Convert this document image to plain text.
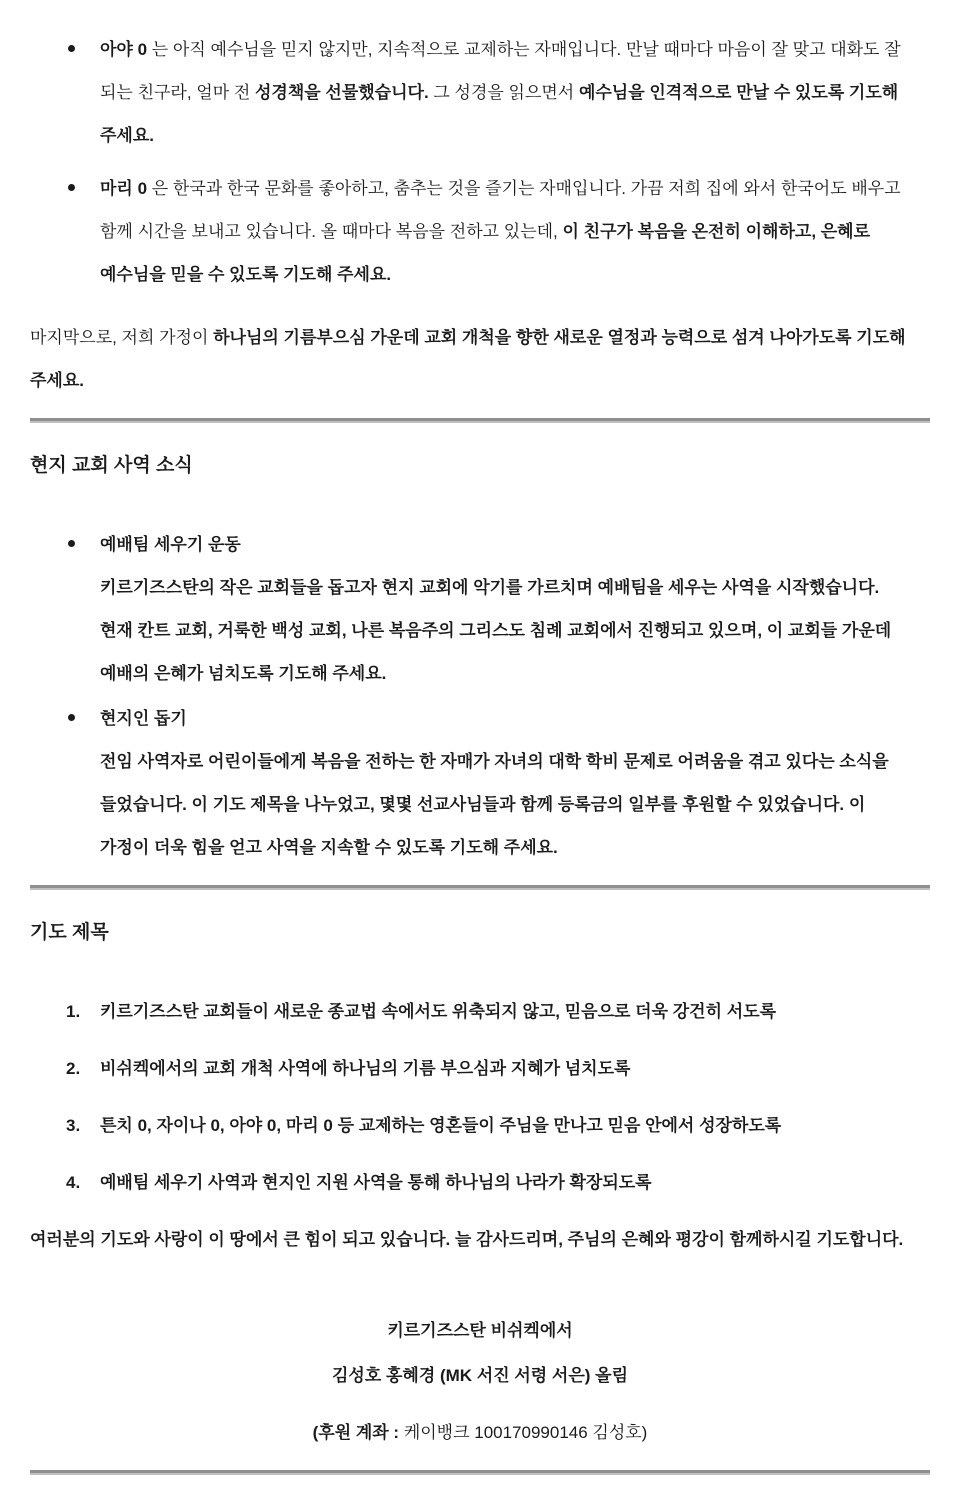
아야 0 는 아직 예수님을 믿지 않지만, 지속적으로 교제하는 자매입니다. 만날 때마다 마음이 잘 맞고 대화도 잘 되는 친구라, 얼마 전 성경책을 선물했습니다. 그 성경을 읽으면서 예수님을 인격적으로 만날 수 있도록 기도해 주세요.
마리 0 은 한국과 한국 문화를 좋아하고, 춤추는 것을 즐기는 자매입니다. 가끔 저희 집에 와서 한국어도 배우고 함께 시간을 보내고 있습니다. 올 때마다 복음을 전하고 있는데, 이 친구가 복음을 온전히 이해하고, 은혜로 예수님을 믿을 수 있도록 기도해 주세요.

마지막으로, 저희 가정이 하나님의 기름부으심 가운데 교회 개척을 향한 새로운 열정과 능력으로 섬겨 나아가도록 기도해 주세요.

현지 교회 사역 소식
예배팀 세우기 운동
키르기즈스탄의 작은 교회들을 돕고자 현지 교회에 악기를 가르치며 예배팀을 세우는 사역을 시작했습니다. 현재 칸트 교회, 거룩한 백성 교회, 나른 복음주의 그리스도 침례 교회에서 진행되고 있으며, 이 교회들 가운데 예배의 은혜가 넘치도록 기도해 주세요.
현지인 돕기
전임 사역자로 어린이들에게 복음을 전하는 한 자매가 자녀의 대학 학비 문제로 어려움을 겪고 있다는 소식을 들었습니다. 이 기도 제목을 나누었고, 몇몇 선교사님들과 함께 등록금의 일부를 후원할 수 있었습니다. 이 가정이 더욱 힘을 얻고 사역을 지속할 수 있도록 기도해 주세요.
기도 제목
1. 키르기즈스탄 교회들이 새로운 종교법 속에서도 위축되지 않고, 믿음으로 더욱 강건히 서도록
2. 비쉬켁에서의 교회 개척 사역에 하나님의 기름 부으심과 지혜가 넘치도록
3. 튼치 0, 자이나 0, 아야 0, 마리 0 등 교제하는 영혼들이 주님을 만나고 믿음 안에서 성장하도록
4. 예배팀 세우기 사역과 현지인 지원 사역을 통해 하나님의 나라가 확장되도록

여러분의 기도와 사랑이 이 땅에서 큰 힘이 되고 있습니다. 늘 감사드리며, 주님의 은혜와 평강이 함께하시길 기도합니다.

키르기즈스탄 비쉬켁에서

김성호 홍혜경 (MK 서진 서령 서은) 올림

(후원 계좌 : 케이뱅크 100170990146 김성호)
